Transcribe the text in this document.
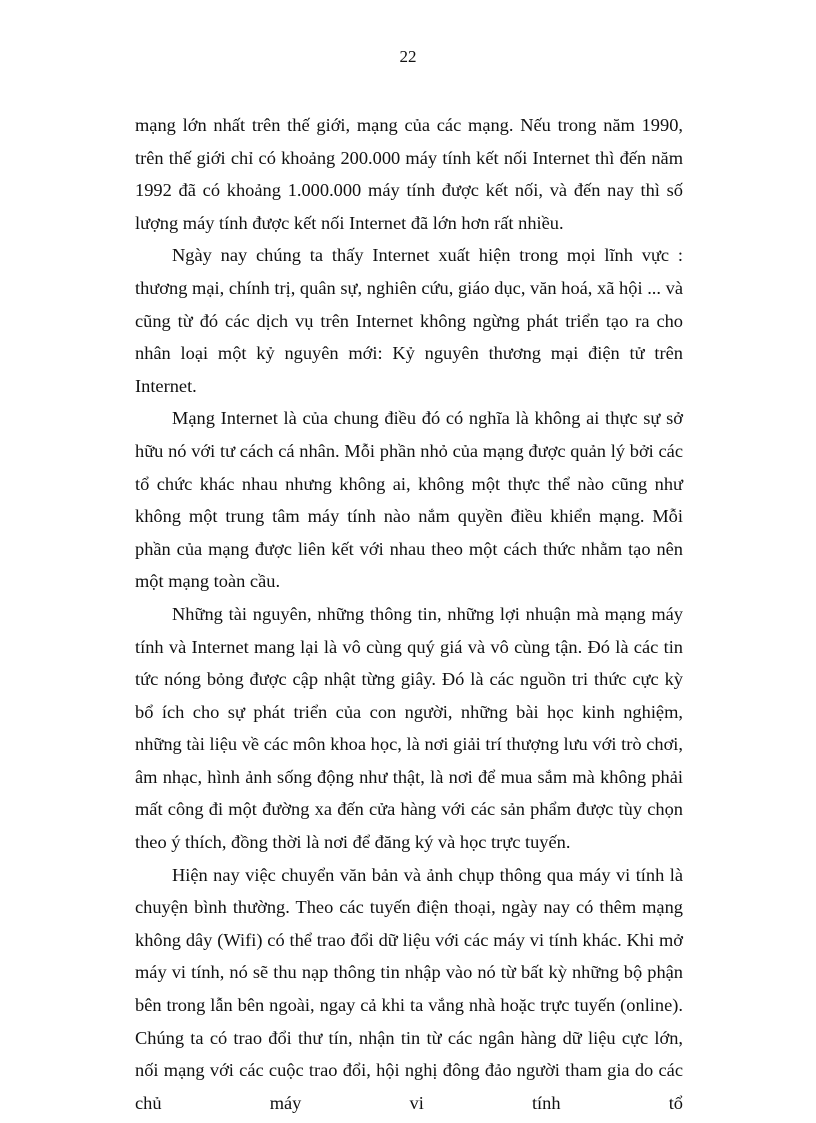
22

mạng lớn nhất trên thế giới, mạng của các mạng. Nếu trong năm 1990, trên thế giới chỉ có khoảng 200.000 máy tính kết nối Internet thì đến năm 1992 đã có khoảng 1.000.000 máy tính được kết nối, và đến nay thì số lượng máy tính được kết nối Internet đã lớn hơn rất nhiều.

Ngày nay chúng ta thấy Internet xuất hiện trong mọi lĩnh vực : thương mại, chính trị, quân sự, nghiên cứu, giáo dục, văn hoá, xã hội ... và cũng từ đó các dịch vụ trên Internet không ngừng phát triển tạo ra cho nhân loại một kỷ nguyên mới: Kỷ nguyên thương mại điện tử trên Internet.

Mạng Internet là của chung điều đó có nghĩa là không ai thực sự sở hữu nó với tư cách cá nhân. Mỗi phần nhỏ của mạng được quản lý bởi các tổ chức khác nhau nhưng không ai, không một thực thể nào cũng như không một trung tâm máy tính nào nắm quyền điều khiển mạng. Mỗi phần của mạng được liên kết với nhau theo một cách thức nhằm tạo nên một mạng toàn cầu.

Những tài nguyên, những thông tin, những lợi nhuận mà mạng máy tính và Internet mang lại là vô cùng quý giá và vô cùng tận. Đó là các tin tức nóng bỏng được cập nhật từng giây. Đó là các nguồn tri thức cực kỳ bổ ích cho sự phát triển của con người, những bài học kinh nghiệm, những tài liệu về các môn khoa học, là nơi giải trí thượng lưu với trò chơi, âm nhạc, hình ảnh sống động như thật, là nơi để mua sắm mà không phải mất công đi một đường xa đến cửa hàng với các sản phẩm được tùy chọn theo ý thích, đồng thời là nơi để đăng ký và học trực tuyến.

Hiện nay việc chuyển văn bản và ảnh chụp thông qua máy vi tính là chuyện bình thường. Theo các tuyến điện thoại, ngày nay có thêm mạng không dây (Wifi) có thể trao đổi dữ liệu với các máy vi tính khác. Khi mở máy vi tính, nó sẽ thu nạp thông tin nhập vào nó từ bất kỳ những bộ phận bên trong lẫn bên ngoài, ngay cả khi ta vắng nhà hoặc trực tuyến (online). Chúng ta có trao đổi thư tín, nhận tin từ các ngân hàng dữ liệu cực lớn, nối mạng với các cuộc trao đổi, hội nghị đông đảo người tham gia do các chủ máy vi tính tổ
